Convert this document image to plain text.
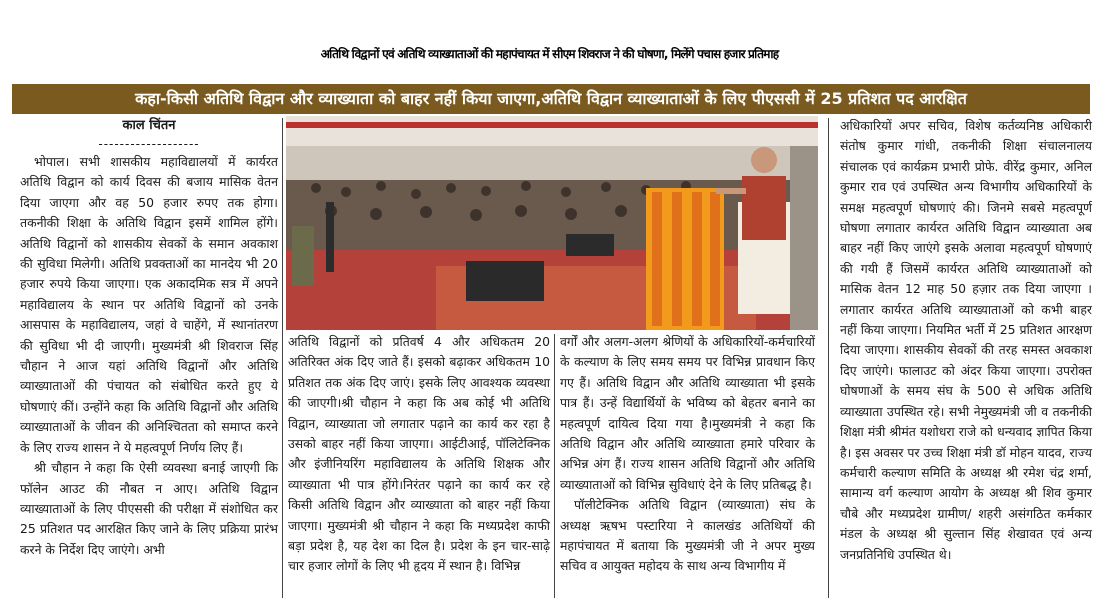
अतिथि विद्वानों एवं अतिथि व्याख्याताओं की महापंचायत में सीएम शिवराज ने की घोषणा, मिलेंगे पचास हजार प्रतिमाह
कहा-किसी अतिथि विद्वान और व्याख्याता को बाहर नहीं किया जाएगा,अतिथि विद्वान व्याख्याताओं के लिए पीएससी में 25 प्रतिशत पद आरक्षित
काल चिंतन
-------------------

भोपाल। सभी शासकीय महाविद्यालयों में कार्यरत अतिथि विद्वान को कार्य दिवस की बजाय मासिक वेतन दिया जाएगा और वह 50 हजार रुपए तक होगा। तकनीकी शिक्षा के अतिथि विद्वान इसमें शामिल होंगे। अतिथि विद्वानों को शासकीय सेवकों के समान अवकाश की सुविधा मिलेगी। अतिथि प्रवक्ताओं का मानदेय भी 20 हजार रुपये किया जाएगा। एक अकादमिक सत्र में अपने महाविद्यालय के स्थान पर अतिथि विद्वानों को उनके आसपास के महाविद्यालय, जहां वे चाहेंगे, में स्थानांतरण की सुविधा भी दी जाएगी। मुख्यमंत्री श्री शिवराज सिंह चौहान ने आज यहां अतिथि विद्वानों और अतिथि व्याख्याताओं की पंचायत को संबोधित करते हुए ये घोषणाएं कीं। उन्होंने कहा कि अतिथि विद्वानों और अतिथि व्याख्याताओं के जीवन की अनिश्चितता को समाप्त करने के लिए राज्य शासन ने ये महत्वपूर्ण निर्णय लिए हैं।

श्री चौहान ने कहा कि ऐसी व्यवस्था बनाई जाएगी कि फॉलेन आउट की नौबत न आए। अतिथि विद्वान व्याख्याताओं के लिए पीएससी की परीक्षा में संशोधित कर 25 प्रतिशत पद आरक्षित किए जाने के लिए प्रक्रिया प्रारंभ करने के निर्देश दिए जाएंगे। अभी

अतिथि विद्वानों को प्रतिवर्ष 4 और अधिकतम 20 अतिरिक्त अंक दिए जाते हैं। इसको बढ़ाकर अधिकतम 10 प्रतिशत तक अंक दिए जाएं। इसके लिए आवश्यक व्यवस्था की जाएगी।श्री चौहान ने कहा कि अब कोई भी अतिथि विद्वान, व्याख्याता जो लगातार पढ़ाने का कार्य कर रहा है उसको बाहर नहीं किया जाएगा। आईटीआई, पॉलिटेक्निक और इंजीनियरिंग महाविद्यालय के अतिथि शिक्षक और व्याख्याता भी पात्र होंगे।निरंतर पढ़ाने का कार्य कर रहे किसी अतिथि विद्वान और व्याख्याता को बाहर नहीं किया जाएगा। मुख्यमंत्री श्री चौहान ने कहा कि मध्यप्रदेश काफी बड़ा प्रदेश है, यह देश का दिल है। प्रदेश के इन चार-साढ़े चार हजार लोगों के लिए भी हृदय में स्थान है। विभिन्न

वर्गों और अलग-अलग श्रेणियों के अधिकारियों-कर्मचारियों के कल्याण के लिए समय समय पर विभिन्न प्रावधान किए गए हैं। अतिथि विद्वान और अतिथि व्याख्याता भी इसके पात्र हैं। उन्हें विद्यार्थियों के भविष्य को बेहतर बनाने का महत्वपूर्ण दायित्व दिया गया है।मुख्यमंत्री ने कहा कि अतिथि विद्वान और अतिथि व्याख्याता हमारे परिवार के अभिन्न अंग हैं। राज्य शासन अतिथि विद्वानों और अतिथि व्याख्याताओं को विभिन्न सुविधाएं देने के लिए प्रतिबद्ध है।

पॉलीटेक्निक अतिथि विद्वान (व्याख्याता) संघ के अध्यक्ष ऋषभ पस्टारिया ने कालखंड अतिथियों की महापंचायत में बताया कि मुख्यमंत्री जी ने अपर मुख्य सचिव व आयुक्त महोदय के साथ अन्य विभागीय में

अधिकारियों अपर सचिव, विशेष कर्तव्यनिष्ठ अधिकारी संतोष कुमार गांधी, तकनीकी शिक्षा संचालनालय संचालक एवं कार्यक्रम प्रभारी प्रोफे. वीरेंद्र कुमार, अनिल कुमार राव एवं उपस्थित अन्य विभागीय अधिकारियों के समक्ष महत्वपूर्ण घोषणाएं की। जिनमे सबसे महत्वपूर्ण घोषणा लगातार कार्यरत अतिथि विद्वान व्याख्याता अब बाहर नहीं किए जाएंगे इसके अलावा महत्वपूर्ण घोषणाएं की गयी हैं जिसमें कार्यरत अतिथि व्याख्याताओं को मासिक वेतन 12 माह 50 हज़ार तक दिया जाएगा । लगातार कार्यरत अतिथि व्याख्याताओं को कभी बाहर नहीं किया जाएगा। नियमित भर्ती में 25 प्रतिशत आरक्षण दिया जाएगा। शासकीय सेवकों की तरह समस्त अवकाश दिए जाएंगे। फालाउट को अंदर किया जाएगा। उपरोक्त घोषणाओं के समय संघ के 500 से अधिक अतिथि व्याख्याता उपस्थित रहे। सभी नेमुख्यमंत्री जी व तकनीकी शिक्षा मंत्री श्रीमंत यशोधरा राजे को धन्यवाद ज्ञापित किया है। इस अवसर पर उच्च शिक्षा मंत्री डॉ मोहन यादव, राज्य कर्मचारी कल्याण समिति के अध्यक्ष श्री रमेश चंद्र शर्मा, सामान्य वर्ग कल्याण आयोग के अध्यक्ष श्री शिव कुमार चौबे और मध्यप्रदेश ग्रामीण/ शहरी असंगठित कर्मकार मंडल के अध्यक्ष श्री सुल्तान सिंह शेखावत एवं अन्य जनप्रतिनिधि उपस्थित थे।
